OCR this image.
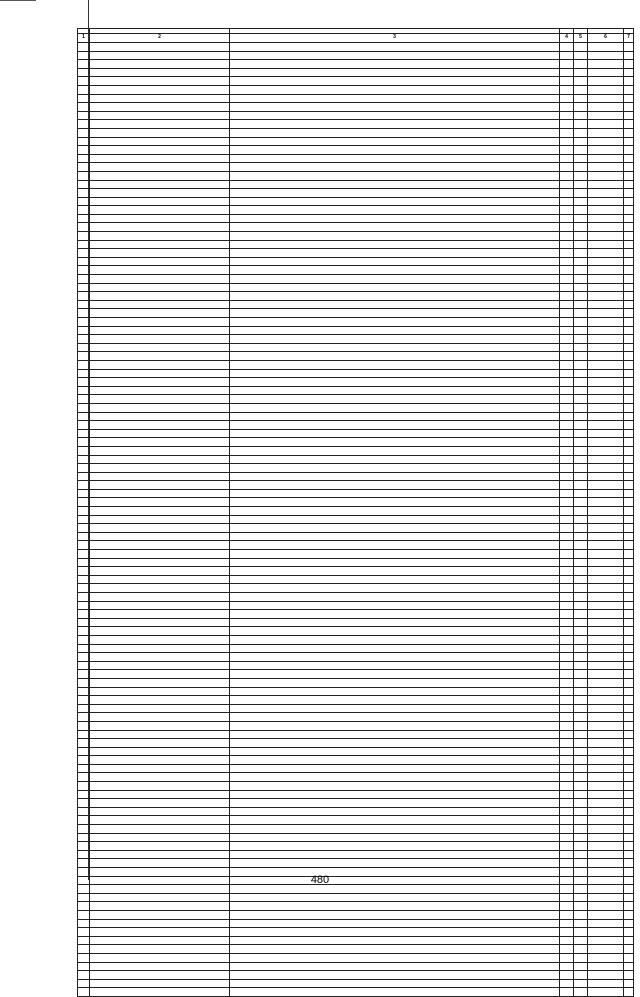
1	2	3	4	5	6	7

480
